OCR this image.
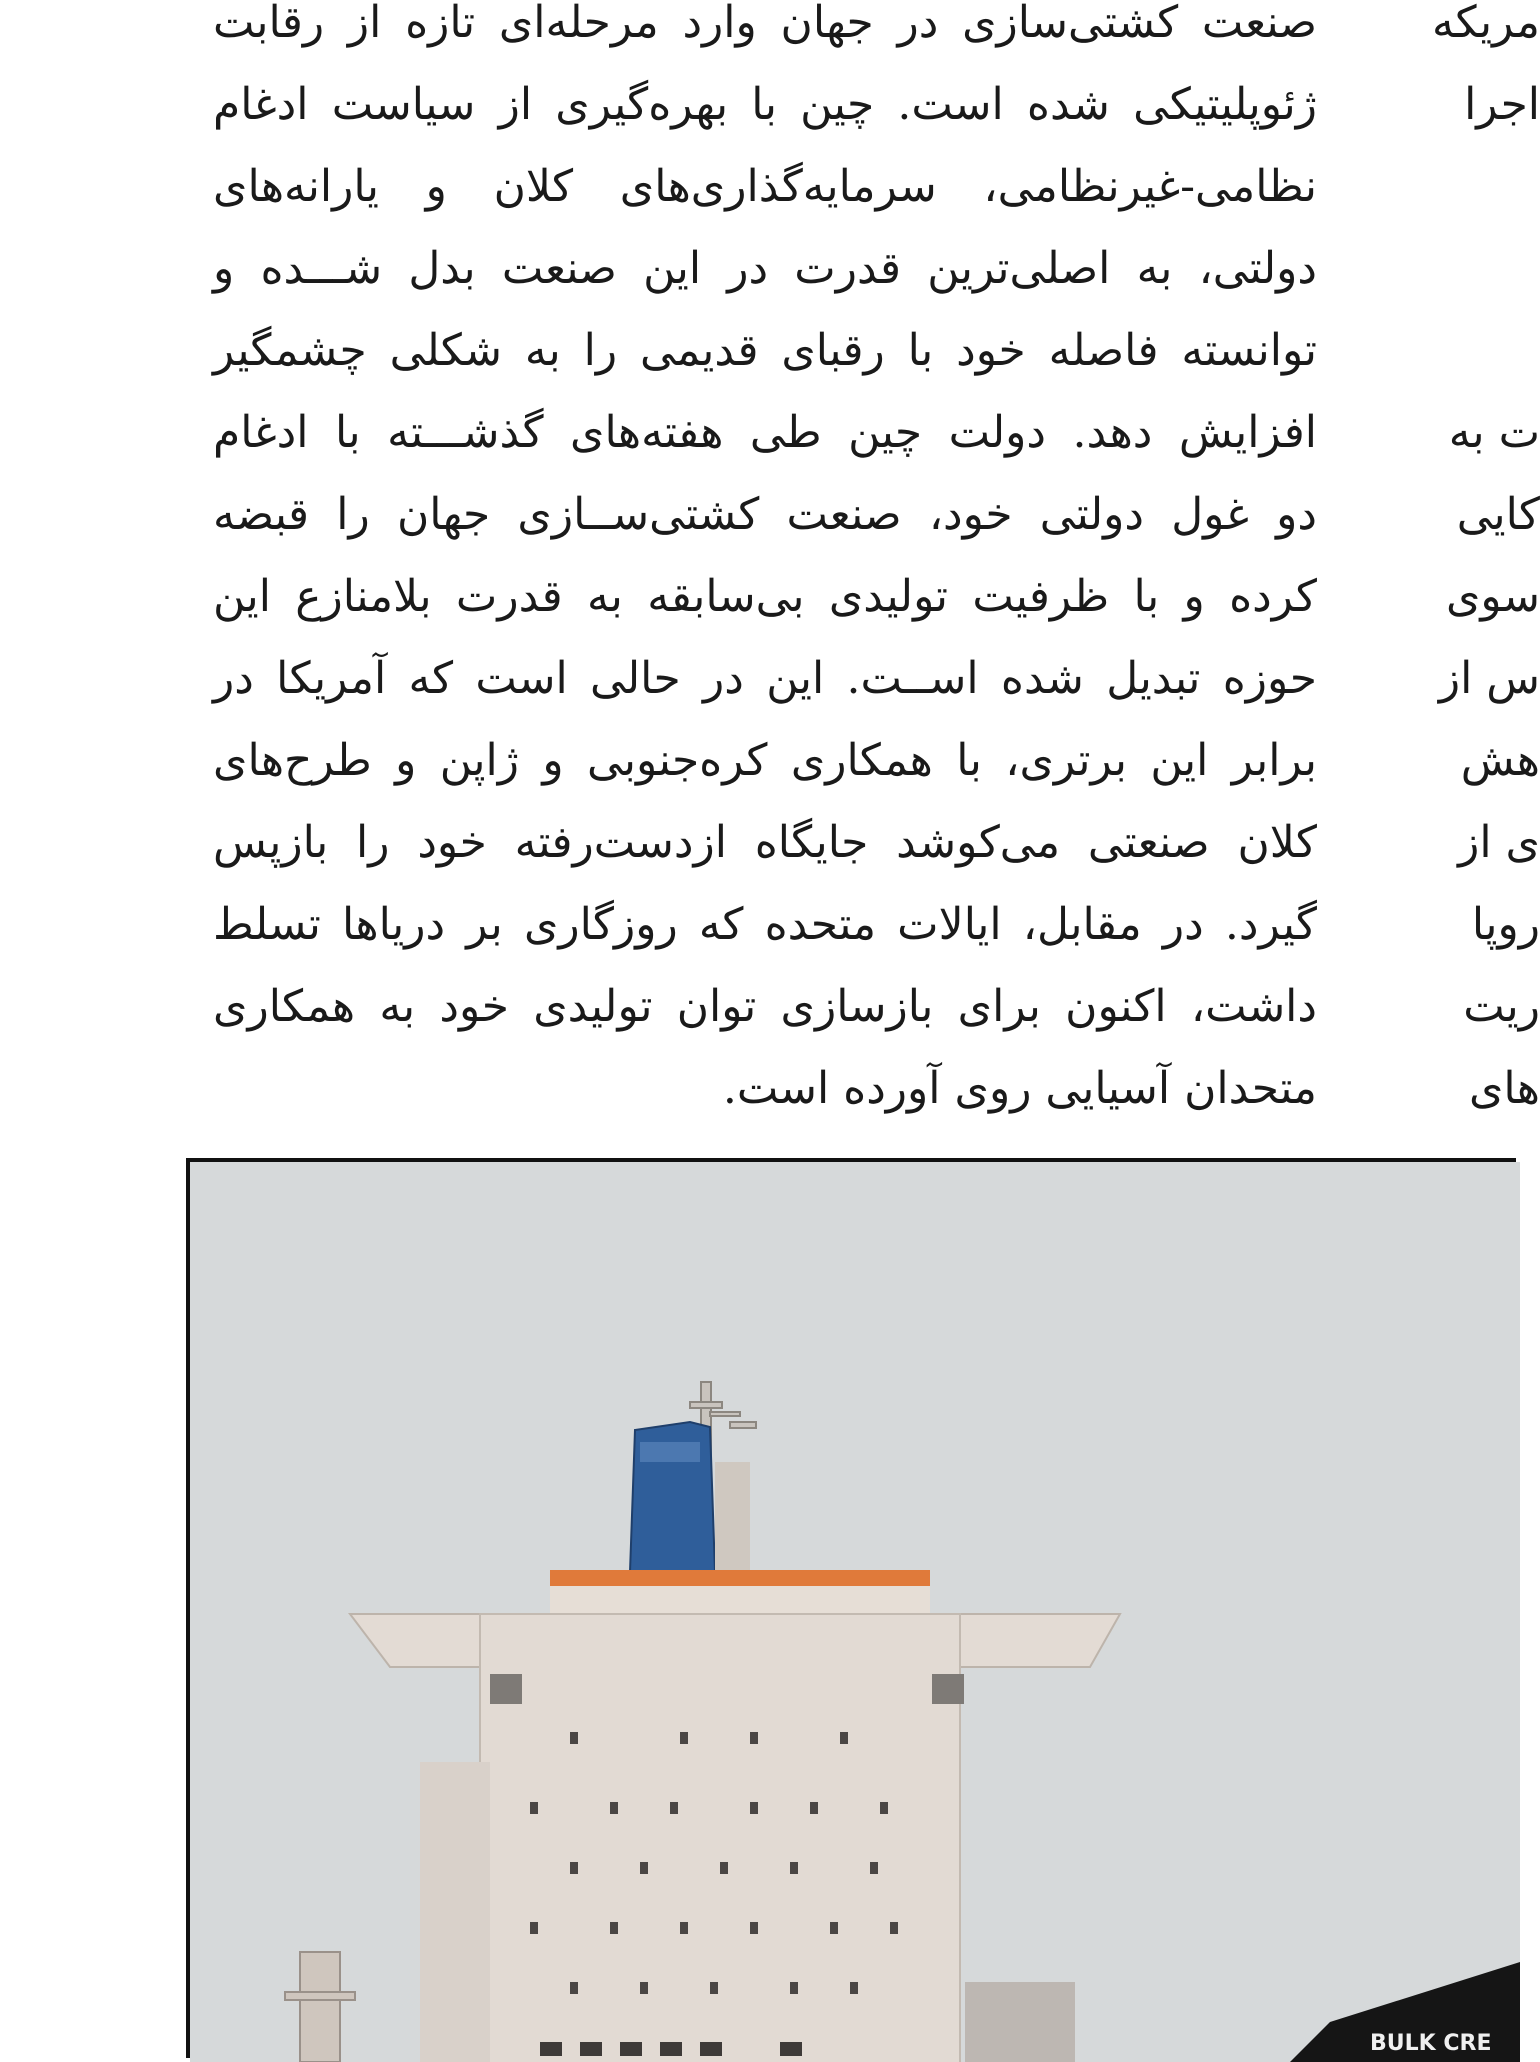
صنعت کشتی‌سازی در جهان وارد مرحله‌ای تازه از رقابت
ژئوپلیتیکی شده است. چین با بهره‌گیری از سیاست ادغام
نظامی-غیرنظامی، سرمایه‌گذاری‌های کلان و یارانه‌های
دولتی، به اصلی‌ترین قدرت در این صنعت بدل شـــده و
توانسته فاصله خود با رقبای قدیمی را به شکلی چشمگیر
افزایش دهد. دولت چین طی هفته‌های گذشـــته با ادغام
دو غول دولتی خود، صنعت کشتی‌ســازی جهان را قبضه
کرده و با ظرفیت تولیدی بی‌سابقه به قدرت بلامنازع این
حوزه تبدیل شده اســت. این در حالی است که آمریکا در
برابر این برتری، با همکاری کره‌جنوبی و ژاپن و طرح‌های
کلان صنعتی می‌کوشد جایگاه ازدست‌رفته خود را بازپس
گیرد. در مقابل، ایالات متحده که روزگاری بر دریاها تسلط
داشت، اکنون برای بازسازی توان تولیدی خود به همکاری
متحدان آسیایی روی آورده است.
مریکه
اجرا
ت به
کایی
سوی
س از
هش
ی از
روپا
ریت
های
BULK CRE
